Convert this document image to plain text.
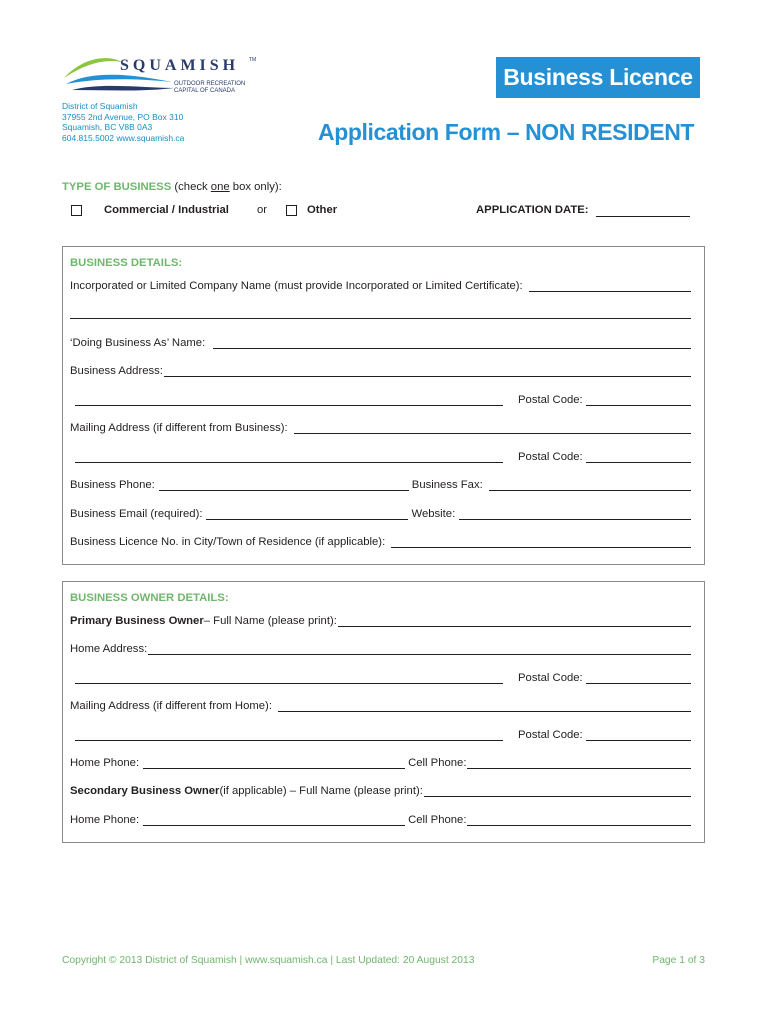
SQUAMISH TM
OUTDOOR RECREATION
CAPITAL OF CANADA
District of Squamish
37955 2nd Avenue, PO Box 310
Squamish, BC V8B 0A3
604.815.5002 www.squamish.ca
Business Licence
Application Form – NON RESIDENT
TYPE OF BUSINESS (check one box only):
Commercial / Industrial or	Other	APPLICATION DATE:
BUSINESS DETAILS:
Incorporated or Limited Company Name (must provide Incorporated or Limited Certificate):
‘Doing Business As’ Name:
Business Address:
Postal Code:
Mailing Address (if different from Business):
Postal Code:
Business Phone:	Business Fax:
Business Email (required):	Website:
Business Licence No. in City/Town of Residence (if applicable):
BUSINESS OWNER DETAILS:
Primary Business Owner – Full Name (please print):
Home Address:
Postal Code:
Mailing Address (if different from Home):
Postal Code:
Home Phone:	Cell Phone:
Secondary Business Owner (if applicable) – Full Name (please print):
Home Phone:	Cell Phone:
Copyright © 2013 District of Squamish | www.squamish.ca | Last Updated: 20 August 2013	Page 1 of 3
